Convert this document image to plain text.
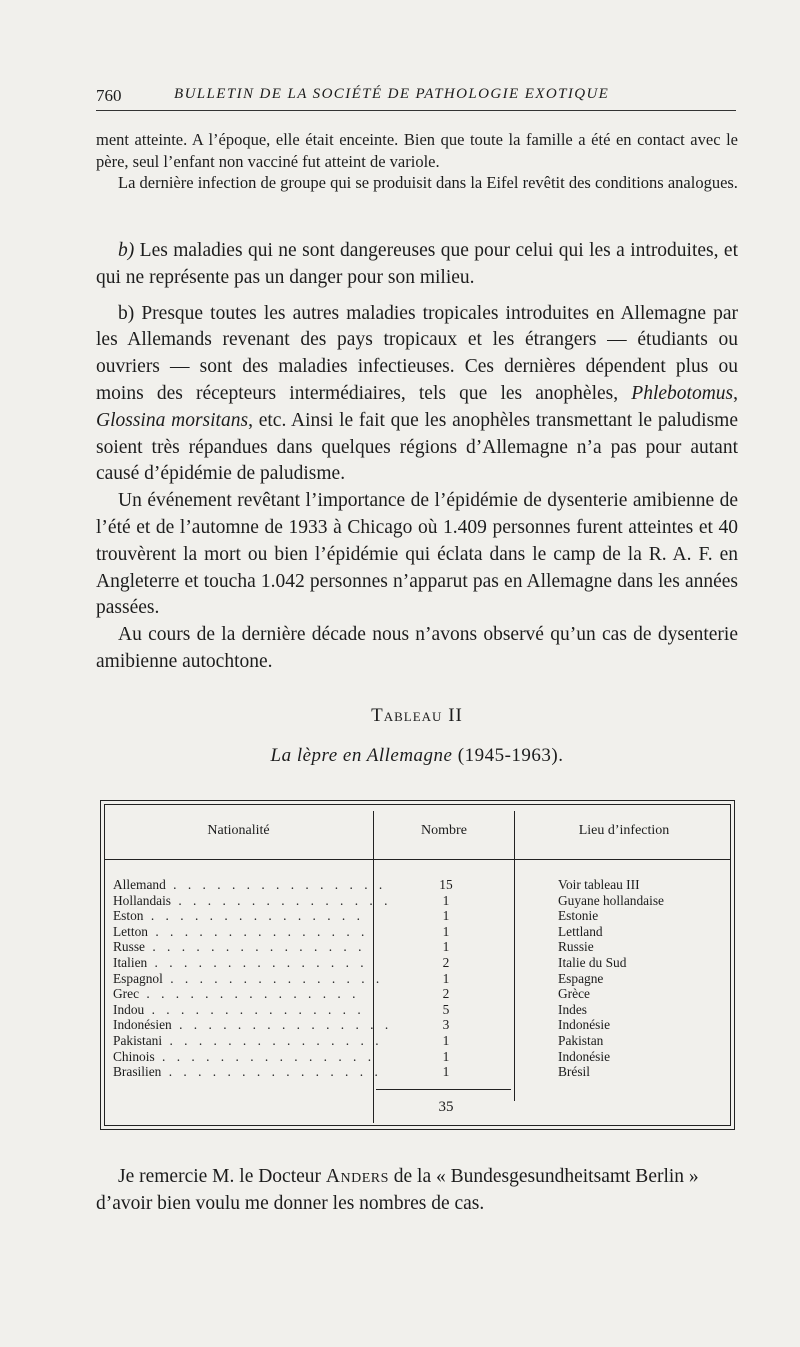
760	BULLETIN DE LA SOCIÉTÉ DE PATHOLOGIE EXOTIQUE

ment atteinte. A l’époque, elle était enceinte. Bien que toute la famille a été en contact avec le père, seul l’enfant non vacciné fut atteint de variole.

La dernière infection de groupe qui se produisit dans la Eifel revêtit des conditions analogues.

b) Les maladies qui ne sont dangereuses que pour celui qui les a introduites, et qui ne représente pas un danger pour son milieu.

b) Presque toutes les autres maladies tropicales introduites en Allemagne par les Allemands revenant des pays tropicaux et les étrangers — étudiants ou ouvriers — sont des maladies infectieuses. Ces dernières dépendent plus ou moins des récepteurs intermédiaires, tels que les anophèles, Phlebotomus, Glossina morsitans, etc. Ainsi le fait que les anophèles transmettant le paludisme soient très répandues dans quelques régions d’Allemagne n’a pas pour autant causé d’épidémie de paludisme.

Un événement revêtant l’importance de l’épidémie de dysenterie amibienne de l’été et de l’automne de 1933 à Chicago où 1.409 personnes furent atteintes et 40 trouvèrent la mort ou bien l’épidémie qui éclata dans le camp de la R. A. F. en Angleterre et toucha 1.042 personnes n’apparut pas en Allemagne dans les années passées.

Au cours de la dernière décade nous n’avons observé qu’un cas de dysenterie amibienne autochtone.

Tableau II
La lèpre en Allemagne (1945-1963).
Nationalité	Nombre	Lieu d’infection
Allemand . . . . . . . . . . . . . . .	15	Voir tableau III
Hollandais . . . . . . . . . . . . . . .	1	Guyane hollandaise
Eston . . . . . . . . . . . . . . .	1	Estonie
Letton . . . . . . . . . . . . . . .	1	Lettland
Russe . . . . . . . . . . . . . . .	1	Russie
Italien . . . . . . . . . . . . . . .	2	Italie du Sud
Espagnol . . . . . . . . . . . . . . .	1	Espagne
Grec . . . . . . . . . . . . . . .	2	Grèce
Indou . . . . . . . . . . . . . . .	5	Indes
Indonésien . . . . . . . . . . . . . . .	3	Indonésie
Pakistani . . . . . . . . . . . . . . .	1	Pakistan
Chinois . . . . . . . . . . . . . . .	1	Indonésie
Brasilien . . . . . . . . . . . . . . .	1	Brésil
35
Je remercie M. le Docteur Anders de la « Bundesgesundheitsamt Berlin » d’avoir bien voulu me donner les nombres de cas.
